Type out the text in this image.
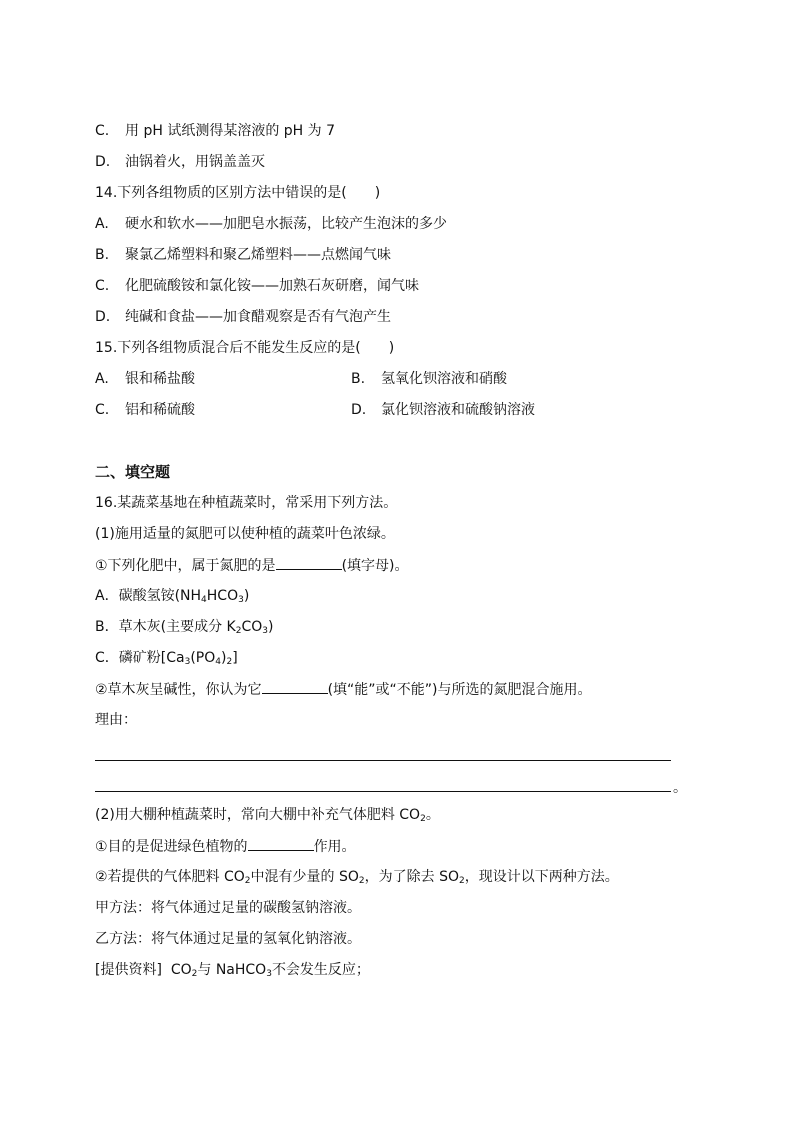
C. 用 pH 试纸测得某溶液的 pH 为 7
D. 油锅着火，用锅盖盖灭
14.下列各组物质的区别方法中错误的是(　　)
A. 硬水和软水——加肥皂水振荡，比较产生泡沫的多少
B. 聚氯乙烯塑料和聚乙烯塑料——点燃闻气味
C. 化肥硫酸铵和氯化铵——加熟石灰研磨，闻气味
D. 纯碱和食盐——加食醋观察是否有气泡产生
15.下列各组物质混合后不能发生反应的是(　　)
A. 银和稀盐酸	B. 氢氧化钡溶液和硝酸
C. 铝和稀硫酸	D. 氯化钡溶液和硫酸钠溶液
二、填空题
16.某蔬菜基地在种植蔬菜时，常采用下列方法。
(1)施用适量的氮肥可以使种植的蔬菜叶色浓绿。
①下列化肥中，属于氮肥的是	(填字母)。
A．碳酸氢铵$(NH_4HCO_3)$
B．草木灰(主要成分 $K_2CO_3$)
C．磷矿粉$[Ca_3(PO_4)_2]$
②草木灰呈碱性，你认为它	(填“能”或“不能”)与所选的氮肥混合施用。
理由：
。
(2)用大棚种植蔬菜时，常向大棚中补充气体肥料 $CO_2$。
①目的是促进绿色植物的	作用。
②若提供的气体肥料 $CO_2$中混有少量的 $SO_2$，为了除去 $SO_2$，现设计以下两种方法。
甲方法：将气体通过足量的碳酸氢钠溶液。
乙方法：将气体通过足量的氢氧化钠溶液。
[提供资料] $CO_2$与 NaHCO$_3$不会发生反应；
